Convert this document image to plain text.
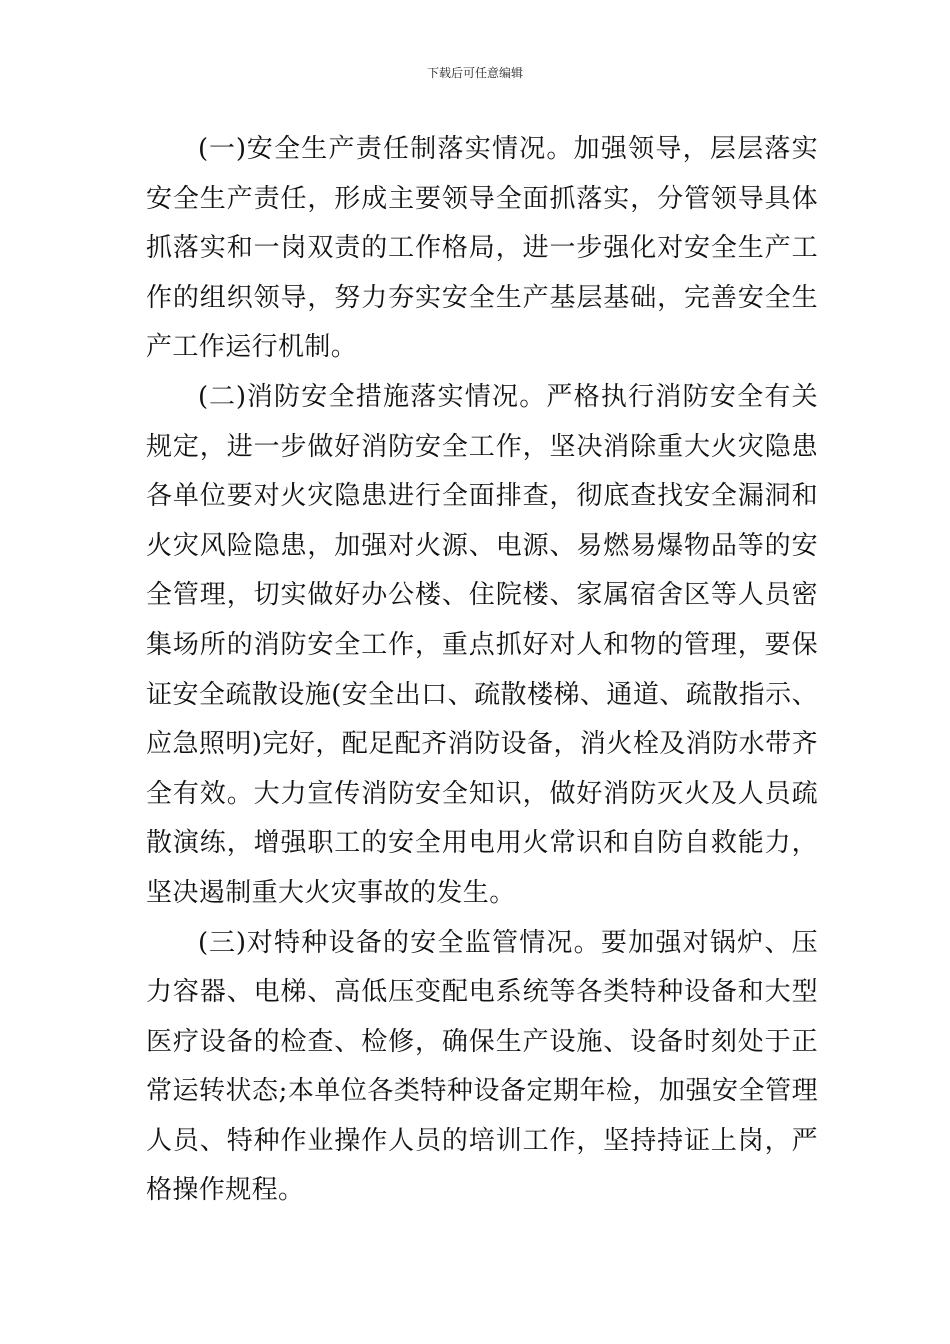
下载后可任意编辑

(一)安全生产责任制落实情况。加强领导，层层落实安全生产责任，形成主要领导全面抓落实，分管领导具体抓落实和一岗双责的工作格局，进一步强化对安全生产工作的组织领导，努力夯实安全生产基层基础，完善安全生产工作运行机制。

(二)消防安全措施落实情况。严格执行消防安全有关规定，进一步做好消防安全工作，坚决消除重大火灾隐患各单位要对火灾隐患进行全面排查，彻底查找安全漏洞和火灾风险隐患，加强对火源、电源、易燃易爆物品等的安全管理，切实做好办公楼、住院楼、家属宿舍区等人员密集场所的消防安全工作，重点抓好对人和物的管理，要保证安全疏散设施(安全出口、疏散楼梯、通道、疏散指示、应急照明)完好，配足配齐消防设备，消火栓及消防水带齐全有效。大力宣传消防安全知识，做好消防灭火及人员疏散演练，增强职工的安全用电用火常识和自防自救能力，坚决遏制重大火灾事故的发生。

(三)对特种设备的安全监管情况。要加强对锅炉、压力容器、电梯、高低压变配电系统等各类特种设备和大型医疗设备的检查、检修，确保生产设施、设备时刻处于正常运转状态;本单位各类特种设备定期年检，加强安全管理人员、特种作业操作人员的培训工作，坚持持证上岗，严格操作规程。
